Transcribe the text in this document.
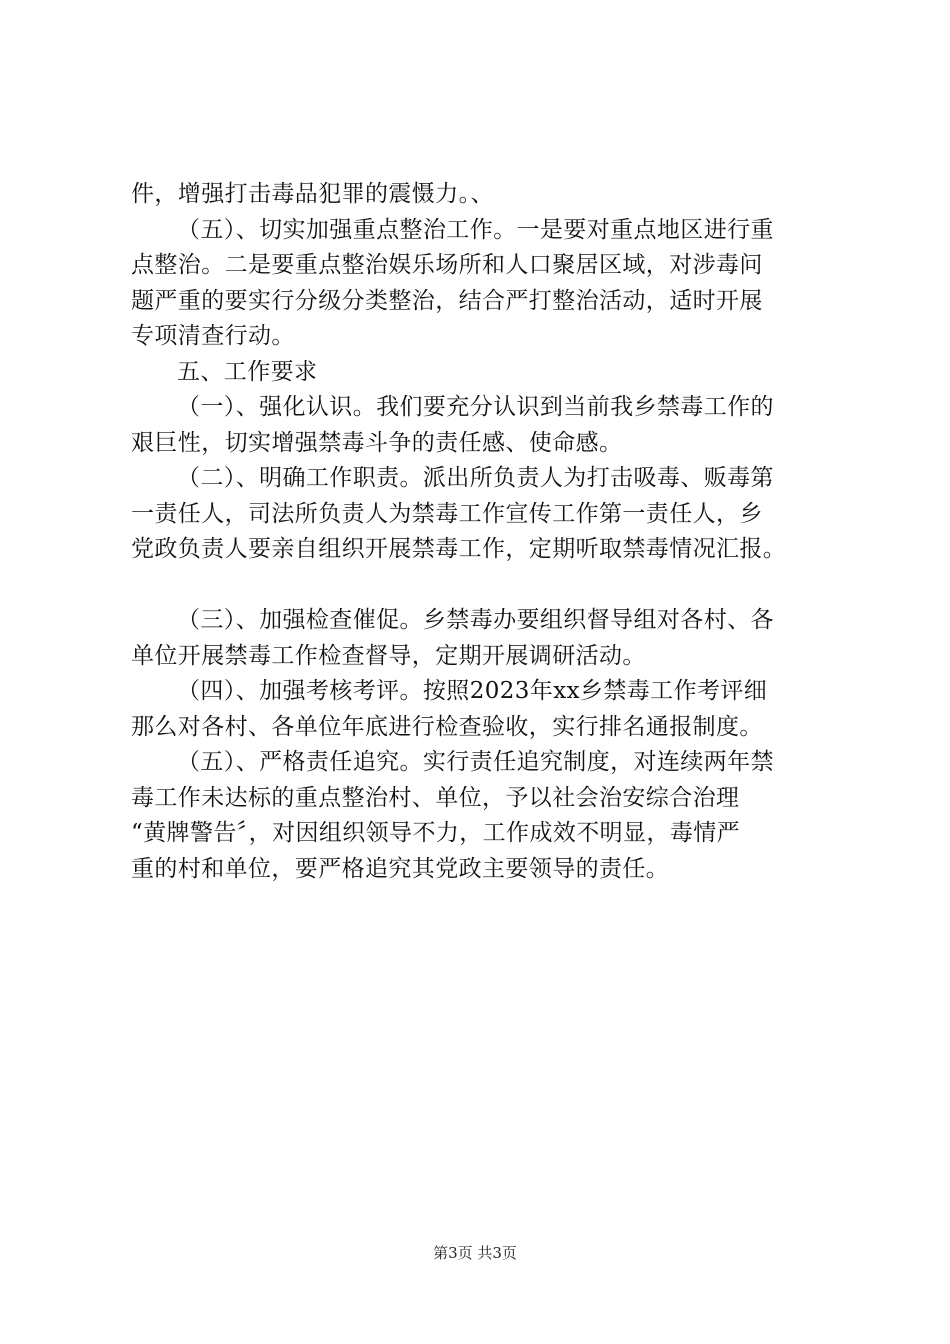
件，增强打击毒品犯罪的震慑力。、
（五）、切实加强重点整治工作。一是要对重点地区进行重
点整治。二是要重点整治娱乐场所和人口聚居区域，对涉毒问
题严重的要实行分级分类整治，结合严打整治活动，适时开展
专项清查行动。
五、工作要求
（一）、强化认识。我们要充分认识到当前我乡禁毒工作的
艰巨性，切实增强禁毒斗争的责任感、使命感。
（二）、明确工作职责。派出所负责人为打击吸毒、贩毒第
一责任人，司法所负责人为禁毒工作宣传工作第一责任人，乡
党政负责人要亲自组织开展禁毒工作，定期听取禁毒情况汇报。
（三）、加强检查催促。乡禁毒办要组织督导组对各村、各
单位开展禁毒工作检查督导，定期开展调研活动。
（四）、加强考核考评。按照2023年xx乡禁毒工作考评细
那么对各村、各单位年底进行检查验收，实行排名通报制度。
（五）、严格责任追究。实行责任追究制度，对连续两年禁
毒工作未达标的重点整治村、单位，予以社会治安综合治理
“黄牌警告〞，对因组织领导不力，工作成效不明显，毒情严
重的村和单位，要严格追究其党政主要领导的责任。
第3页 共3页
